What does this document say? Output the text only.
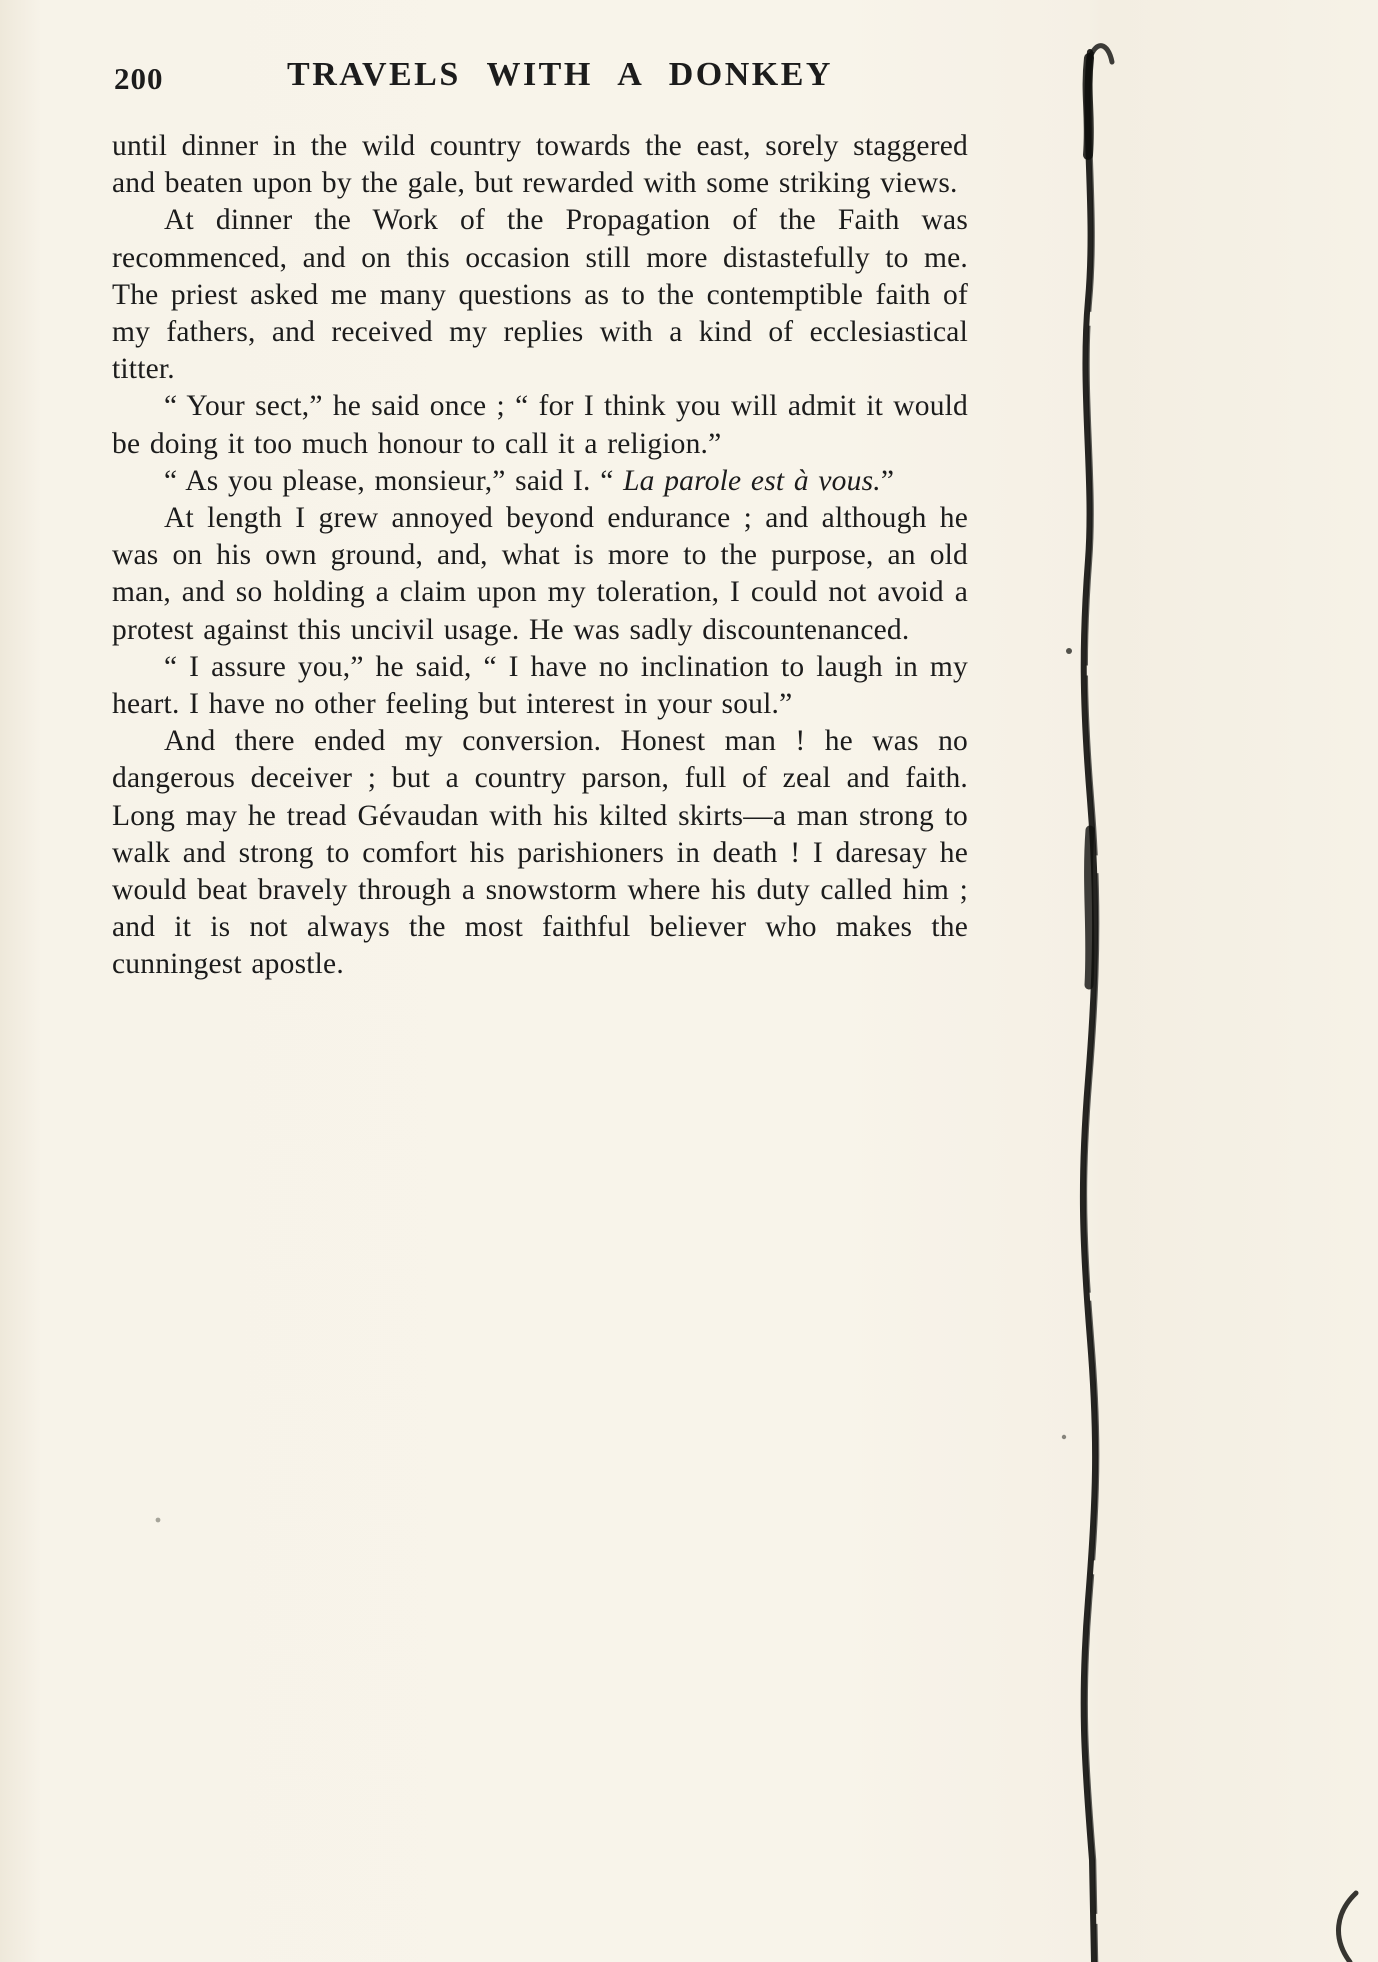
200	TRAVELS WITH A DONKEY

until dinner in the wild country towards the east, sorely staggered and beaten upon by the gale, but rewarded with some striking views.

At dinner the Work of the Propagation of the Faith was recommenced, and on this occasion still more distastefully to me. The priest asked me many questions as to the contemptible faith of my fathers, and received my replies with a kind of ecclesiastical titter.

“ Your sect,” he said once ; “ for I think you will admit it would be doing it too much honour to call it a religion.”

“ As you please, monsieur,” said I. “ La parole est à vous.”

At length I grew annoyed beyond endurance ; and although he was on his own ground, and, what is more to the purpose, an old man, and so holding a claim upon my toleration, I could not avoid a protest against this uncivil usage. He was sadly discountenanced.

“ I assure you,” he said, “ I have no inclination to laugh in my heart. I have no other feeling but interest in your soul.”

And there ended my conversion. Honest man ! he was no dangerous deceiver ; but a country parson, full of zeal and faith. Long may he tread Gévaudan with his kilted skirts—a man strong to walk and strong to comfort his parishioners in death ! I daresay he would beat bravely through a snowstorm where his duty called him ; and it is not always the most faithful believer who makes the cunningest apostle.
